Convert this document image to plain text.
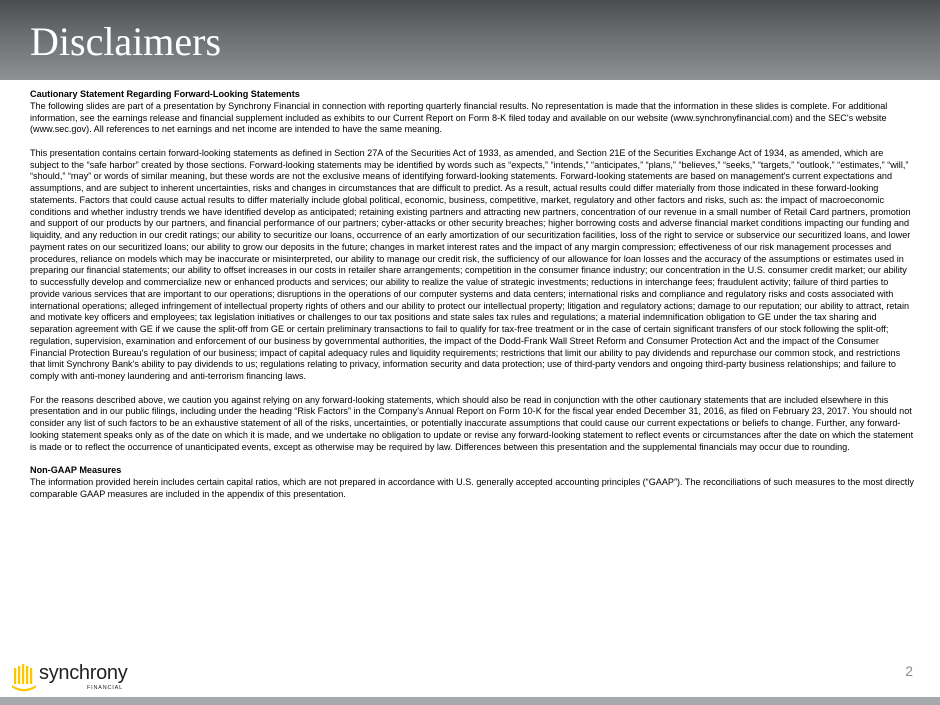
Disclaimers

Cautionary Statement Regarding Forward-Looking Statements
The following slides are part of a presentation by Synchrony Financial in connection with reporting quarterly financial results. No representation is made that the information in these slides is complete. For additional information, see the earnings release and financial supplement included as exhibits to our Current Report on Form 8-K filed today and available on our website (www.synchronyfinancial.com) and the SEC's website (www.sec.gov). All references to net earnings and net income are intended to have the same meaning.

This presentation contains certain forward-looking statements as defined in Section 27A of the Securities Act of 1933, as amended, and Section 21E of the Securities Exchange Act of 1934, as amended, which are subject to the “safe harbor” created by those sections. Forward-looking statements may be identified by words such as “expects,” “intends,” “anticipates,” “plans,” “believes,” “seeks,” “targets,” “outlook,” “estimates,” “will,” “should,” “may” or words of similar meaning, but these words are not the exclusive means of identifying forward-looking statements. Forward-looking statements are based on management's current expectations and assumptions, and are subject to inherent uncertainties, risks and changes in circumstances that are difficult to predict. As a result, actual results could differ materially from those indicated in these forward-looking statements. Factors that could cause actual results to differ materially include global political, economic, business, competitive, market, regulatory and other factors and risks, such as: the impact of macroeconomic conditions and whether industry trends we have identified develop as anticipated; retaining existing partners and attracting new partners, concentration of our revenue in a small number of Retail Card partners, promotion and support of our products by our partners, and financial performance of our partners; cyber-attacks or other security breaches; higher borrowing costs and adverse financial market conditions impacting our funding and liquidity, and any reduction in our credit ratings; our ability to securitize our loans, occurrence of an early amortization of our securitization facilities, loss of the right to service or subservice our securitized loans, and lower payment rates on our securitized loans; our ability to grow our deposits in the future; changes in market interest rates and the impact of any margin compression; effectiveness of our risk management processes and procedures, reliance on models which may be inaccurate or misinterpreted, our ability to manage our credit risk, the sufficiency of our allowance for loan losses and the accuracy of the assumptions or estimates used in preparing our financial statements; our ability to offset increases in our costs in retailer share arrangements; competition in the consumer finance industry; our concentration in the U.S. consumer credit market; our ability to successfully develop and commercialize new or enhanced products and services; our ability to realize the value of strategic investments; reductions in interchange fees; fraudulent activity; failure of third parties to provide various services that are important to our operations; disruptions in the operations of our computer systems and data centers; international risks and compliance and regulatory risks and costs associated with international operations; alleged infringement of intellectual property rights of others and our ability to protect our intellectual property; litigation and regulatory actions; damage to our reputation; our ability to attract, retain and motivate key officers and employees; tax legislation initiatives or challenges to our tax positions and state sales tax rules and regulations; a material indemnification obligation to GE under the tax sharing and separation agreement with GE if we cause the split-off from GE or certain preliminary transactions to fail to qualify for tax-free treatment or in the case of certain significant transfers of our stock following the split-off; regulation, supervision, examination and enforcement of our business by governmental authorities, the impact of the Dodd-Frank Wall Street Reform and Consumer Protection Act and the impact of the Consumer Financial Protection Bureau's regulation of our business; impact of capital adequacy rules and liquidity requirements; restrictions that limit our ability to pay dividends and repurchase our common stock, and restrictions that limit Synchrony Bank's ability to pay dividends to us; regulations relating to privacy, information security and data protection; use of third-party vendors and ongoing third-party business relationships; and failure to comply with anti-money laundering and anti-terrorism financing laws.

For the reasons described above, we caution you against relying on any forward-looking statements, which should also be read in conjunction with the other cautionary statements that are included elsewhere in this presentation and in our public filings, including under the heading “Risk Factors” in the Company's Annual Report on Form 10-K for the fiscal year ended December 31, 2016, as filed on February 23, 2017. You should not consider any list of such factors to be an exhaustive statement of all of the risks, uncertainties, or potentially inaccurate assumptions that could cause our current expectations or beliefs to change. Further, any forward-looking statement speaks only as of the date on which it is made, and we undertake no obligation to update or revise any forward-looking statement to reflect events or circumstances after the date on which the statement is made or to reflect the occurrence of unanticipated events, except as otherwise may be required by law. Differences between this presentation and the supplemental financials may occur due to rounding.

Non-GAAP Measures
The information provided herein includes certain capital ratios, which are not prepared in accordance with U.S. generally accepted accounting principles (“GAAP”). The reconciliations of such measures to the most directly comparable GAAP measures are included in the appendix of this presentation.

synchrony
FINANCIAL
2
